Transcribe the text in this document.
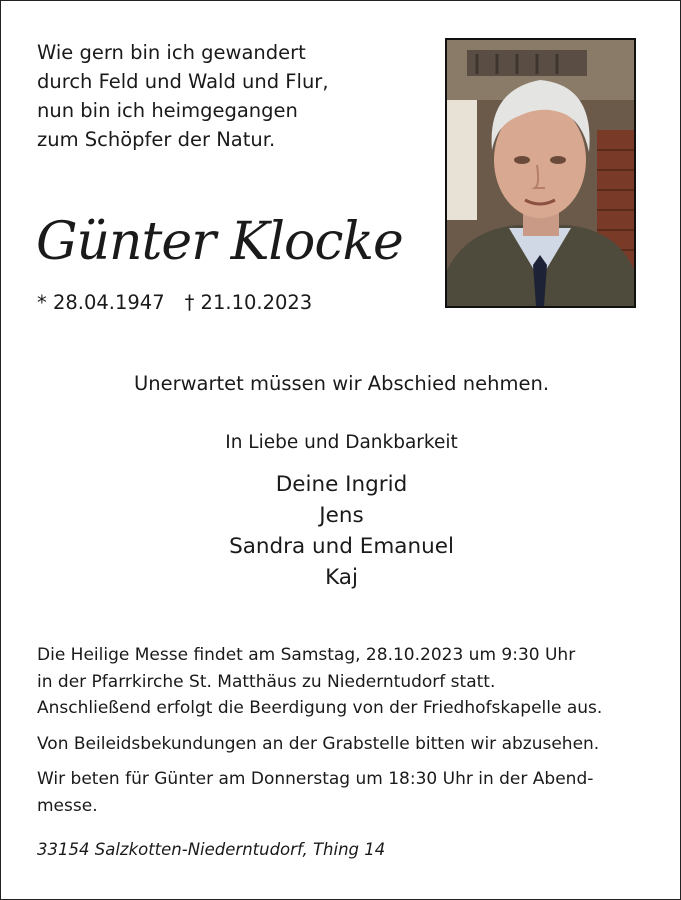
Wie gern bin ich gewandert
durch Feld und Wald und Flur,
nun bin ich heimgegangen
zum Schöpfer der Natur.
Günter Klocke
* 28.04.1947 † 21.10.2023
Unerwartet müssen wir Abschied nehmen.
In Liebe und Dankbarkeit
Deine Ingrid
Jens
Sandra und Emanuel
Kaj
Die Heilige Messe findet am Samstag, 28.10.2023 um 9:30 Uhr
in der Pfarrkirche St. Matthäus zu Niederntudorf statt.
Anschließend erfolgt die Beerdigung von der Friedhofskapelle aus.
Von Beileidsbekundungen an der Grabstelle bitten wir abzusehen.
Wir beten für Günter am Donnerstag um 18:30 Uhr in der Abend-
messe.
33154 Salzkotten-Niederntudorf, Thing 14
